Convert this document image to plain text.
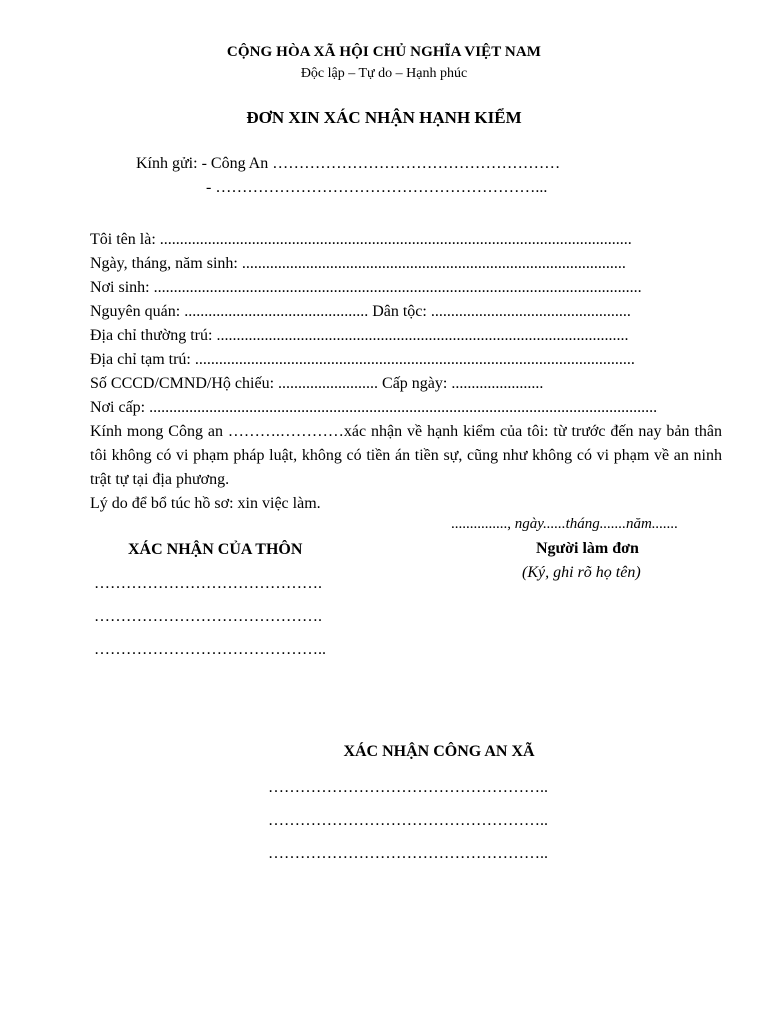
CỘNG HÒA XÃ HỘI CHỦ NGHĨA VIỆT NAM
Độc lập – Tự do – Hạnh phúc
ĐƠN XIN XÁC NHẬN HẠNH KIỂM
Kính gửi: - Công An ………………………………………………
- ……………………………………………………...
Tôi tên là: ......................................................................................................................
Ngày, tháng, năm sinh: ................................................................................................
Nơi sinh: ..........................................................................................................................
Nguyên quán: .............................................. Dân tộc: ..................................................
Địa chỉ thường trú: .......................................................................................................
Địa chỉ tạm trú: ..............................................................................................................
Số CCCD/CMND/Hộ chiếu: ......................... Cấp ngày: .......................
Nơi cấp: ...............................................................................................................................
Kính mong Công an ……….…………xác nhận về hạnh kiểm của tôi: từ trước đến nay bản thân tôi không có vi phạm pháp luật, không có tiền án tiền sự, cũng như không có vi phạm về an ninh trật tự tại địa phương.
Lý do để bổ túc hồ sơ: xin việc làm.
..............., ngày......tháng.......năm.......
Người làm đơn
(Ký, ghi rõ họ tên)
XÁC NHẬN CỦA THÔN
…………………………………….
…………………………………….
……………………………………..
XÁC NHẬN CÔNG AN XÃ
……………………………………………..
……………………………………………..
……………………………………………..
